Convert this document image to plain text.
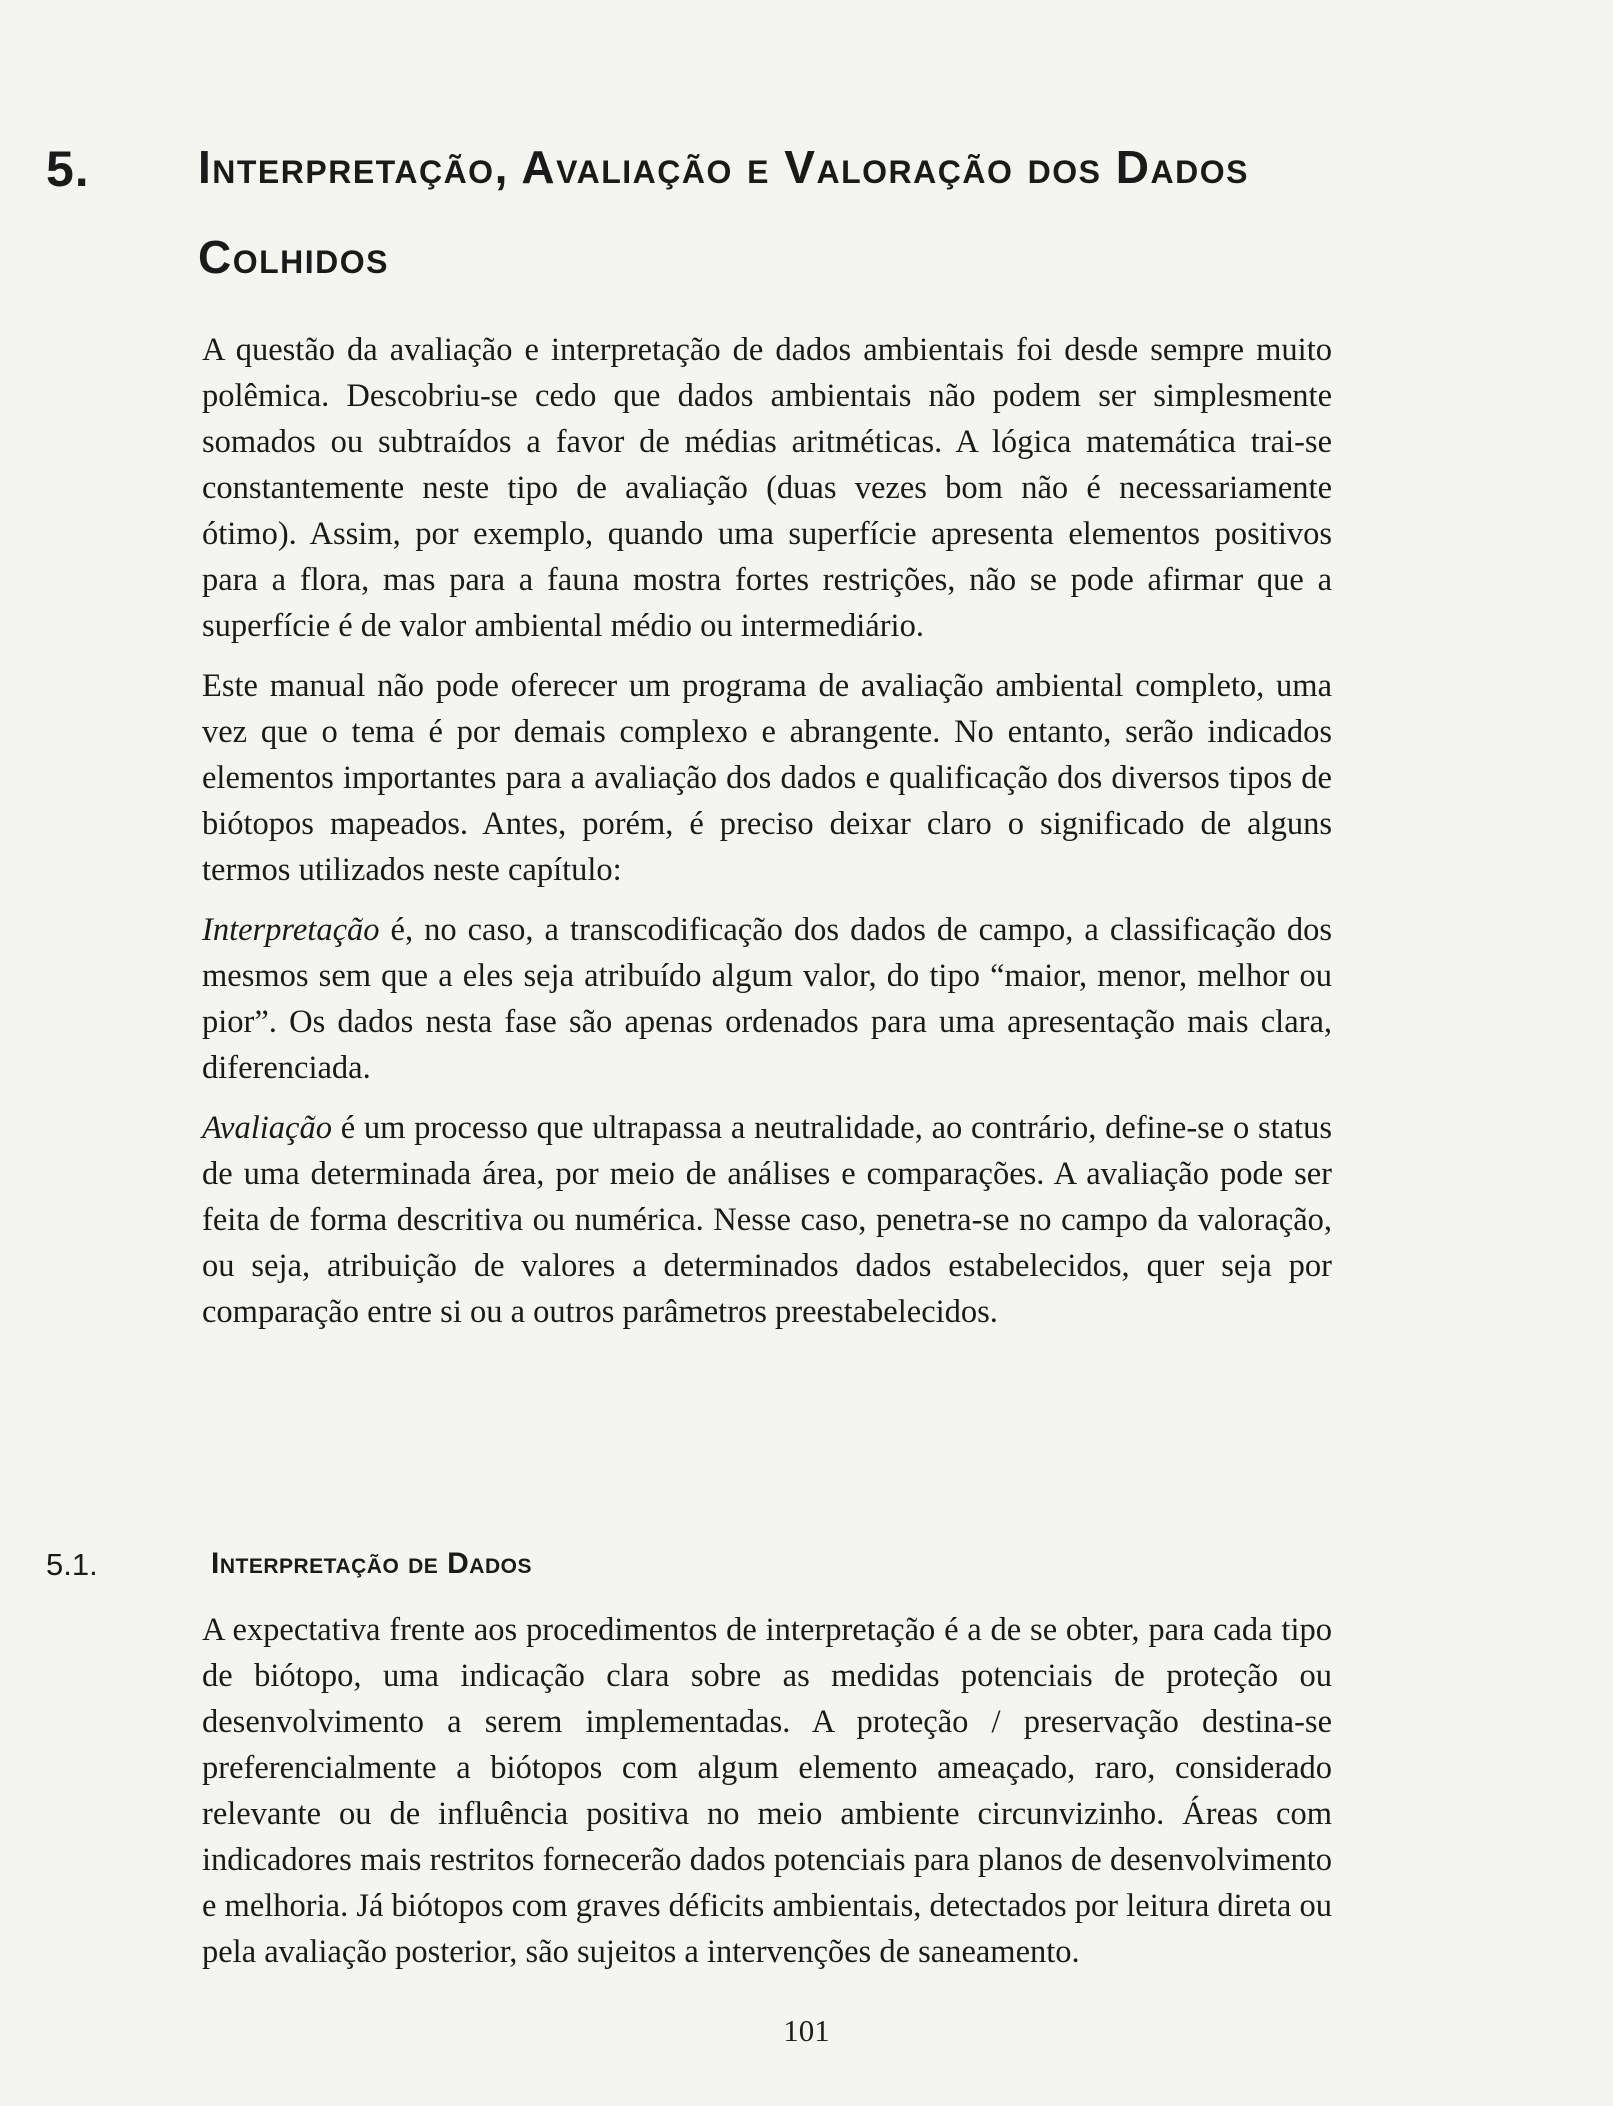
5. Interpretação, Avaliação e Valoração dos Dados Colhidos

A questão da avaliação e interpretação de dados ambientais foi desde sempre muito polêmica. Descobriu-se cedo que dados ambientais não podem ser simplesmente somados ou subtraídos a favor de médias aritméticas. A lógica matemática trai-se constantemente neste tipo de avaliação (duas vezes bom não é necessariamente ótimo). Assim, por exemplo, quando uma superfície apresenta elementos positivos para a flora, mas para a fauna mostra fortes restrições, não se pode afirmar que a superfície é de valor ambiental médio ou intermediário.

Este manual não pode oferecer um programa de avaliação ambiental completo, uma vez que o tema é por demais complexo e abrangente. No entanto, serão indicados elementos importantes para a avaliação dos dados e qualificação dos diversos tipos de biótopos mapeados. Antes, porém, é preciso deixar claro o significado de alguns termos utilizados neste capítulo:

Interpretação é, no caso, a transcodificação dos dados de campo, a classificação dos mesmos sem que a eles seja atribuído algum valor, do tipo “maior, menor, melhor ou pior”. Os dados nesta fase são apenas ordenados para uma apresentação mais clara, diferenciada.

Avaliação é um processo que ultrapassa a neutralidade, ao contrário, define-se o status de uma determinada área, por meio de análises e comparações. A avaliação pode ser feita de forma descritiva ou numérica. Nesse caso, penetra-se no campo da valoração, ou seja, atribuição de valores a determinados dados estabelecidos, quer seja por comparação entre si ou a outros parâmetros preestabelecidos.

5.1.	Interpretação de Dados

A expectativa frente aos procedimentos de interpretação é a de se obter, para cada tipo de biótopo, uma indicação clara sobre as medidas potenciais de proteção ou desenvolvimento a serem implementadas. A proteção / preservação destina-se preferencialmente a biótopos com algum elemento ameaçado, raro, considerado relevante ou de influência positiva no meio ambiente circunvizinho. Áreas com indicadores mais restritos fornecerão dados potenciais para planos de desenvolvimento e melhoria. Já biótopos com graves déficits ambientais, detectados por leitura direta ou pela avaliação posterior, são sujeitos a intervenções de saneamento.

101
